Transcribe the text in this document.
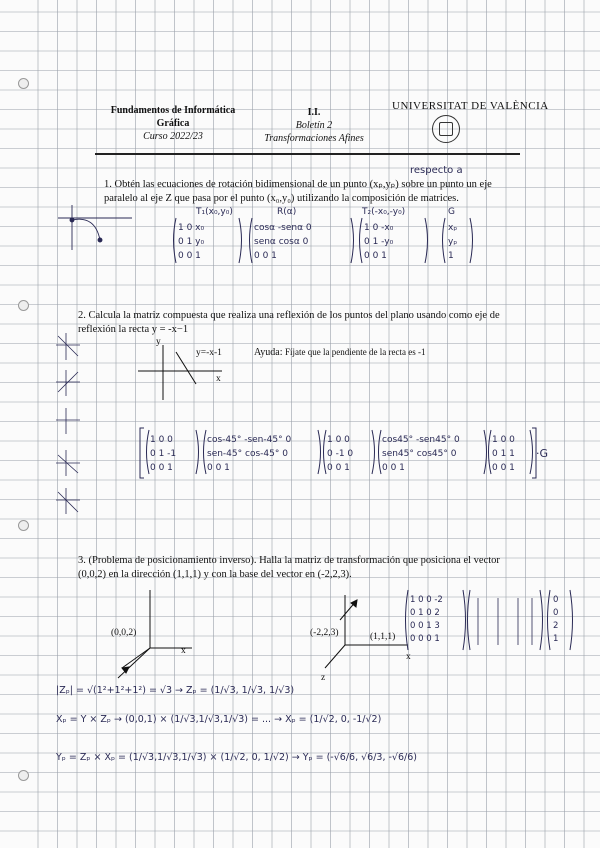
Fundamentos de Informática Gráfica
Curso 2022/23
I.I.
Boletín 2
Transformaciones Afines
UNIVERSITAT DE VALÈNCIA
1. Obtén las ecuaciones de rotación bidimensional de un punto (xₚ,yₚ) sobre un punto un eje paralelo al eje Z que pasa por el punto (x₀,y₀) utilizando la composición de matrices.
respecto a
T₁(x₀,y₀)	R(α)	T₂(-x₀,-y₀)	G
1 0 x₀
0 1 y₀
0 0 1
cosα -senα 0
senα cosα 0
0 0 1
1 0 -x₀
0 1 -y₀
0 0 1
xₚ
yₚ
1
2. Calcula la matriz compuesta que realiza una reflexión de los puntos del plano usando como eje de reflexión la recta y = -x−1
y
x
y=-x-1	Ayuda: Fíjate que la pendiente de la recta es -1
1 0 0
0 1 -1
0 0 1
cos-45° -sen-45° 0
sen-45° cos-45° 0
0 0 1
1 0 0
0 -1 0
0 0 1
cos45° -sen45° 0
sen45° cos45° 0
0 0 1
1 0 0
0 1 1
0 0 1
·G
3. (Problema de posicionamiento inverso). Halla la matriz de transformación que posiciona el vector (0,0,2) en la dirección (1,1,1) y con la base del vector en (-2,2,3).
(0,0,2)
x
(-2,2,3)	(1,1,1)
x
z
1 0 0 -2
0 1 0 2
0 0 1 3
0 0 0 1
0
0
2
1
|Zₚ| = √(1²+1²+1²) = √3 → Zₚ = (1/√3, 1/√3, 1/√3)
Xₚ = Y × Zₚ → (0,0,1) × (1/√3,1/√3,1/√3) = ... → Xₚ = (1/√2, 0, -1/√2)
Yₚ = Zₚ × Xₚ = (1/√3,1/√3,1/√3) × (1/√2, 0, 1/√2) → Yₚ = (-√6/6, √6/3, -√6/6)
